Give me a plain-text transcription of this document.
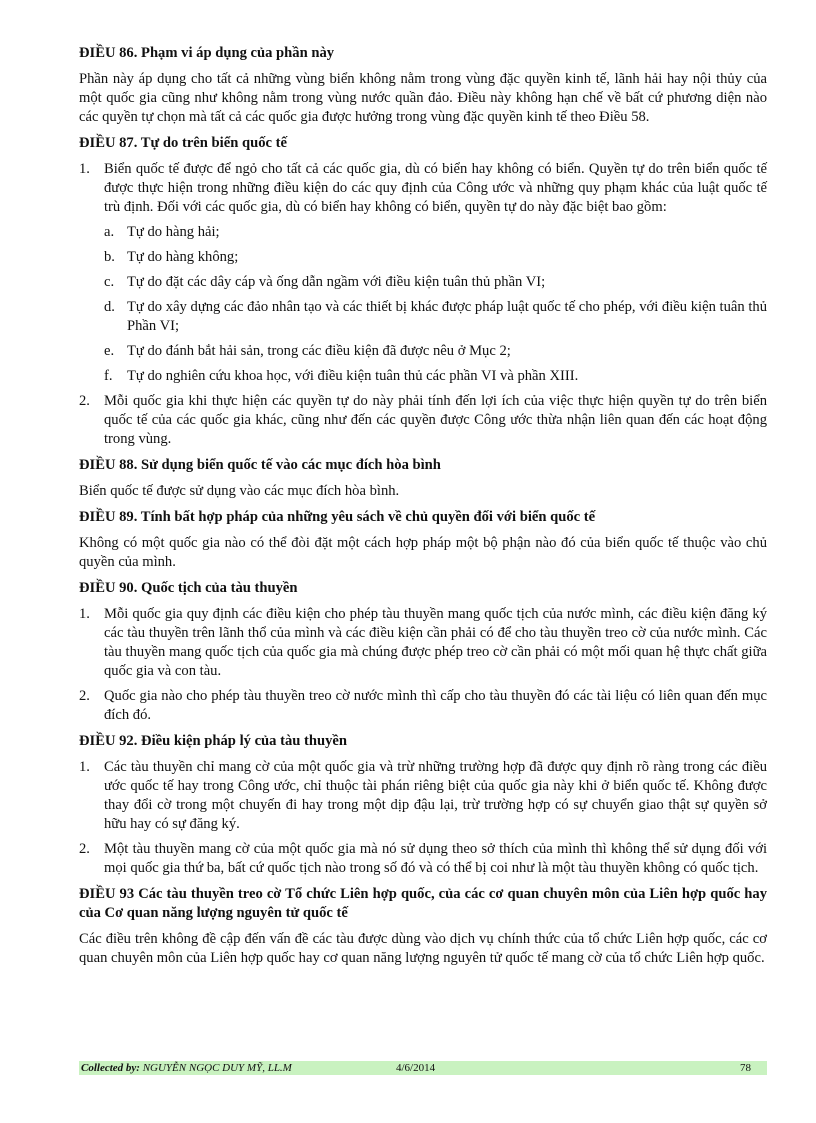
ĐIỀU 86. Phạm vi áp dụng của phần này
Phần này áp dụng cho tất cả những vùng biển không nằm trong vùng đặc quyền kinh tế, lãnh hải hay nội thủy của một quốc gia cũng như không nằm trong vùng nước quần đảo. Điều này không hạn chế về bất cứ phương diện nào các quyền tự chọn mà tất cả các quốc gia được hưởng trong vùng đặc quyền kinh tế theo Điều 58.
ĐIỀU 87. Tự do trên biển quốc tế
1. Biển quốc tế được để ngỏ cho tất cả các quốc gia, dù có biển hay không có biển. Quyền tự do trên biển quốc tế được thực hiện trong những điều kiện do các quy định của Công ước và những quy phạm khác của luật quốc tế trù định. Đối với các quốc gia, dù có biển hay không có biển, quyền tự do này đặc biệt bao gồm:
a. Tự do hàng hải;
b. Tự do hàng không;
c. Tự do đặt các dây cáp và ống dẫn ngầm với điều kiện tuân thủ phần VI;
d. Tự do xây dựng các đảo nhân tạo và các thiết bị khác được pháp luật quốc tế cho phép, với điều kiện tuân thủ Phần VI;
e. Tự do đánh bắt hải sản, trong các điều kiện đã được nêu ở Mục 2;
f. Tự do nghiên cứu khoa học, với điều kiện tuân thủ các phần VI và phần XIII.
2. Mỗi quốc gia khi thực hiện các quyền tự do này phải tính đến lợi ích của việc thực hiện quyền tự do trên biển quốc tế của các quốc gia khác, cũng như đến các quyền được Công ước thừa nhận liên quan đến các hoạt động trong vùng.
ĐIỀU 88. Sử dụng biển quốc tế vào các mục đích hòa bình
Biển quốc tế được sử dụng vào các mục đích hòa bình.
ĐIỀU 89. Tính bất hợp pháp của những yêu sách về chủ quyền đối với biển quốc tế
Không có một quốc gia nào có thể đòi đặt một cách hợp pháp một bộ phận nào đó của biển quốc tế thuộc vào chủ quyền của mình.
ĐIỀU 90. Quốc tịch của tàu thuyền
1. Mỗi quốc gia quy định các điều kiện cho phép tàu thuyền mang quốc tịch của nước mình, các điều kiện đăng ký các tàu thuyền trên lãnh thổ của mình và các điều kiện cần phải có để cho tàu thuyền treo cờ của nước mình. Các tàu thuyền mang quốc tịch của quốc gia mà chúng được phép treo cờ cần phải có một mối quan hệ thực chất giữa quốc gia và con tàu.
2. Quốc gia nào cho phép tàu thuyền treo cờ nước mình thì cấp cho tàu thuyền đó các tài liệu có liên quan đến mục đích đó.
ĐIỀU 92. Điều kiện pháp lý của tàu thuyền
1. Các tàu thuyền chỉ mang cờ của một quốc gia và trừ những trường hợp đã được quy định rõ ràng trong các điều ước quốc tế hay trong Công ước, chỉ thuộc tài phán riêng biệt của quốc gia này khi ở biển quốc tế. Không được thay đổi cờ trong một chuyến đi hay trong một dịp đậu lại, trừ trường hợp có sự chuyển giao thật sự quyền sở hữu hay có sự đăng ký.
2. Một tàu thuyền mang cờ của một quốc gia mà nó sử dụng theo sở thích của mình thì không thể sử dụng đối với mọi quốc gia thứ ba, bất cứ quốc tịch nào trong số đó và có thể bị coi như là một tàu thuyền không có quốc tịch.
ĐIỀU 93 Các tàu thuyền treo cờ Tổ chức Liên hợp quốc, của các cơ quan chuyên môn của Liên hợp quốc hay của Cơ quan năng lượng nguyên tử quốc tế
Các điều trên không đề cập đến vấn đề các tàu được dùng vào dịch vụ chính thức của tổ chức Liên hợp quốc, các cơ quan chuyên môn của Liên hợp quốc hay cơ quan năng lượng nguyên tử quốc tế mang cờ của tổ chức Liên hợp quốc.
Collected by: NGUYỄN NGỌC DUY MỸ, LL.M	4/6/2014	78
